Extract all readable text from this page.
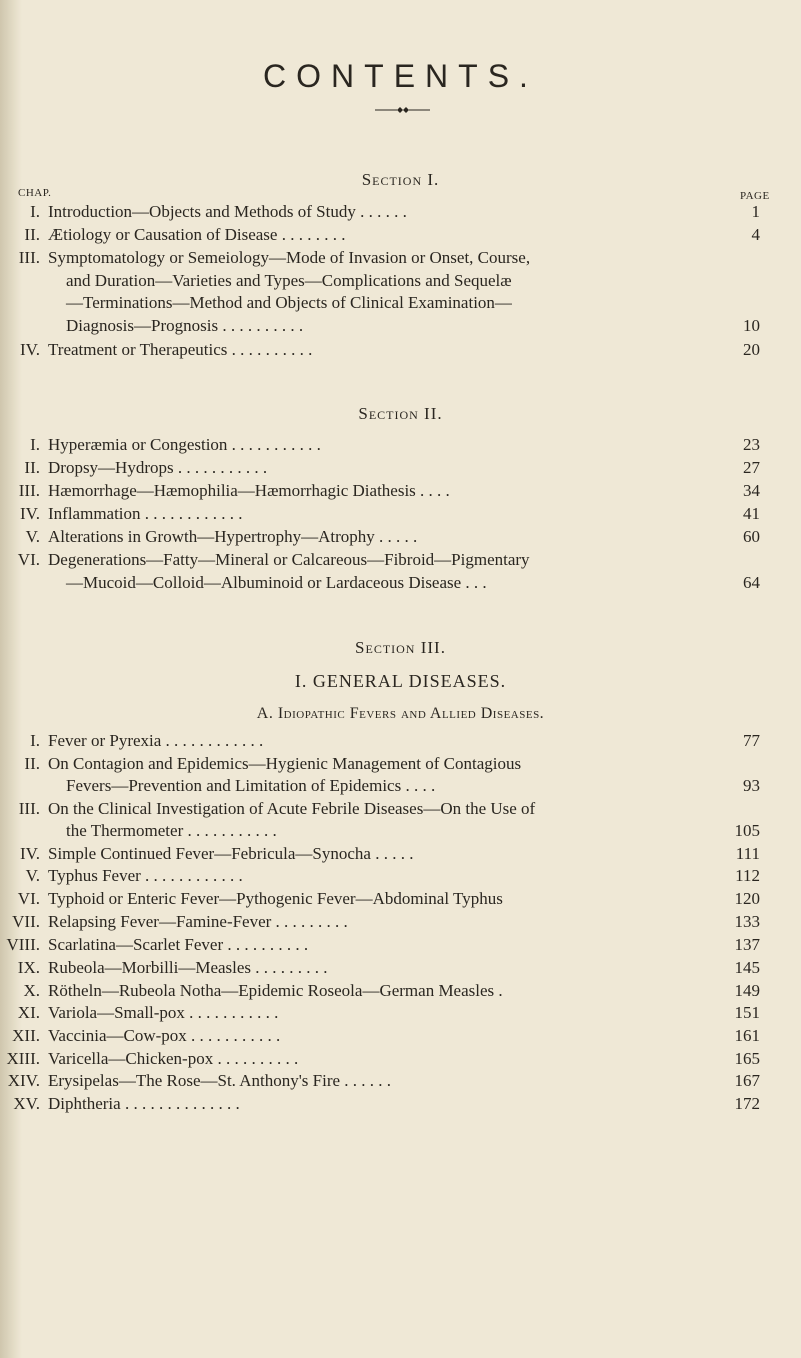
CONTENTS.
Section I.
CHAP.	PAGE
I. Introduction—Objects and Methods of Study . . . . . .	1
II. Ætiology or Causation of Disease . . . . . . . .	4
III. Symptomatology or Semeiology—Mode of Invasion or Onset, Course,
and Duration—Varieties and Types—Complications and Sequelæ
—Terminations—Method and Objects of Clinical Examination—
Diagnosis—Prognosis . . . . . . . . . .	10
IV. Treatment or Therapeutics . . . . . . . . . .	20
Section II.
I. Hyperæmia or Congestion . . . . . . . . . . .	23
II. Dropsy—Hydrops . . . . . . . . . . .	27
III. Hæmorrhage—Hæmophilia—Hæmorrhagic Diathesis . . . .	34
IV. Inflammation . . . . . . . . . . . .	41
V. Alterations in Growth—Hypertrophy—Atrophy . . . . .	60
VI. Degenerations—Fatty—Mineral or Calcareous—Fibroid—Pigmentary
—Mucoid—Colloid—Albuminoid or Lardaceous Disease . . .	64
Section III.
I. GENERAL DISEASES.
A. Idiopathic Fevers and Allied Diseases.
I. Fever or Pyrexia . . . . . . . . . . . .	77
II. On Contagion and Epidemics—Hygienic Management of Contagious
Fevers—Prevention and Limitation of Epidemics . . . .	93
III. On the Clinical Investigation of Acute Febrile Diseases—On the Use of
the Thermometer . . . . . . . . . . .	105
IV. Simple Continued Fever—Febricula—Synocha . . . . .	111
V. Typhus Fever . . . . . . . . . . . .	112
VI. Typhoid or Enteric Fever—Pythogenic Fever—Abdominal Typhus	120
VII. Relapsing Fever—Famine-Fever . . . . . . . . .	133
VIII. Scarlatina—Scarlet Fever . . . . . . . . . .	137
IX. Rubeola—Morbilli—Measles . . . . . . . . .	145
X. Rötheln—Rubeola Notha—Epidemic Roseola—German Measles .	149
XI. Variola—Small-pox . . . . . . . . . . .	151
XII. Vaccinia—Cow-pox . . . . . . . . . . .	161
XIII. Varicella—Chicken-pox . . . . . . . . . .	165
XIV. Erysipelas—The Rose—St. Anthony's Fire . . . . . .	167
XV. Diphtheria . . . . . . . . . . . . . .	172
